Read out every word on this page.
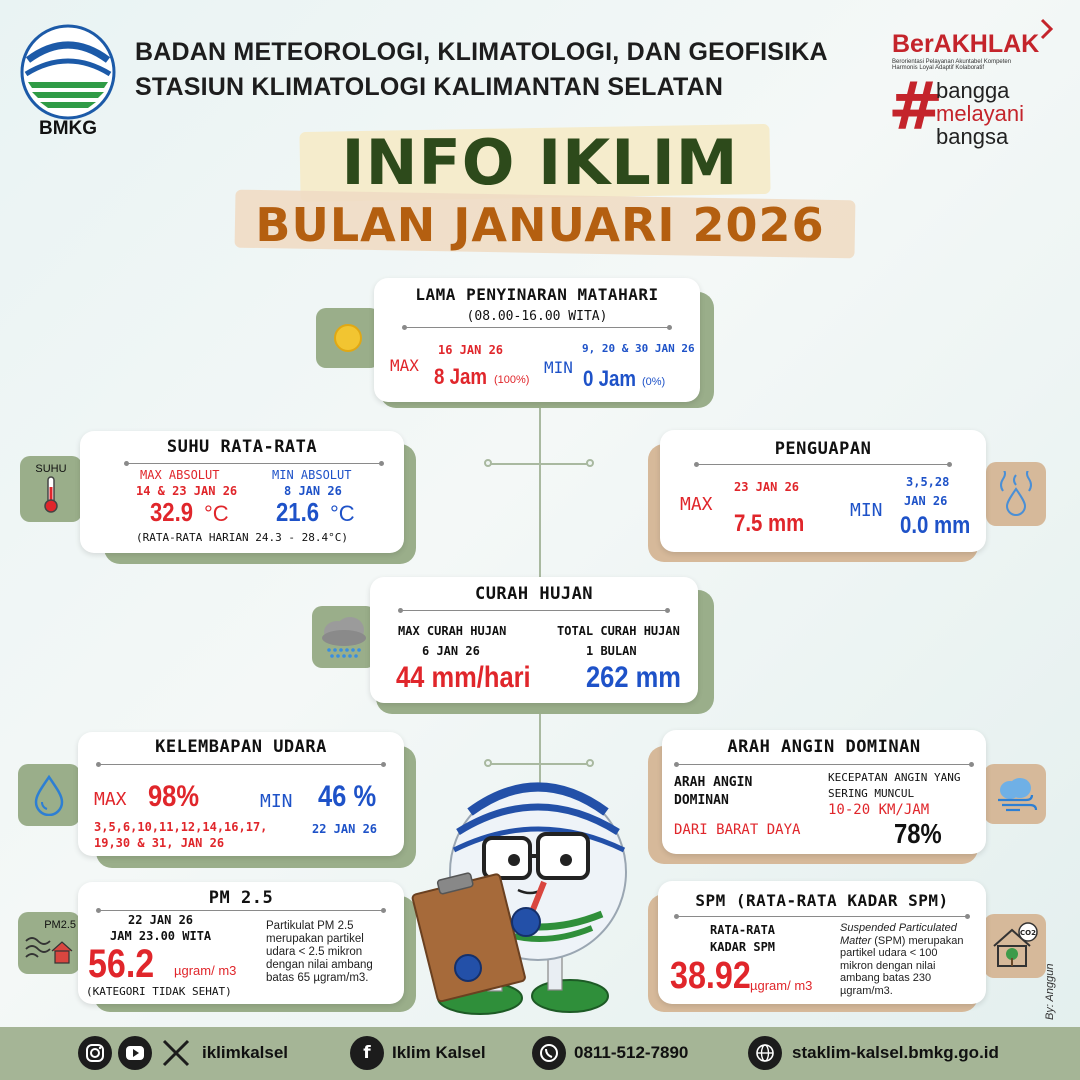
BMKG
BADAN METEOROLOGI, KLIMATOLOGI, DAN GEOFISIKA
STASIUN KLIMATOLOGI KALIMANTAN SELATAN
INFO IKLIM
BULAN JANUARI 2026
BerAKHLAK
Berorientasi Pelayanan Akuntabel Kompeten
Harmonis Loyal Adaptif Kolaboratif
#
bangga
melayani
bangsa
LAMA PENYINARAN MATAHARI
(08.00-16.00 WITA)
MAX
16 JAN 26
8 Jam (100%)
MIN
9, 20 & 30 JAN 26
0 Jam (0%)
SUHU
SUHU RATA-RATA
MAX ABSOLUT
14 & 23 JAN 26
32.9 °C
MIN ABSOLUT
8 JAN 26
21.6 °C
(RATA-RATA HARIAN 24.3 - 28.4°C)
PENGUAPAN
MAX
23 JAN 26
7.5 mm	MIN
3,5,28
JAN 26
0.0 mm
CURAH HUJAN
MAX CURAH HUJAN
6 JAN 26
44 mm/hari
TOTAL CURAH HUJAN
1 BULAN
262 mm
KELEMBAPAN UDARA
MAX 98%
3,5,6,10,11,12,14,16,17,
19,30 & 31, JAN 26
MIN 46 %
22 JAN 26
ARAH ANGIN DOMINAN
ARAH ANGIN
DOMINAN
DARI BARAT DAYA
KECEPATAN ANGIN YANG
SERING MUNCUL
10-20 KM/JAM
78%
PM2.5
PM 2.5
22 JAN 26
JAM 23.00 WITA
56.2 µgram/ m3
(KATEGORI TIDAK SEHAT)
Partikulat PM 2.5
merupakan partikel
udara < 2.5 mikron
dengan nilai ambang
batas 65 µgram/m3.
CO2
SPM (RATA-RATA KADAR SPM)
RATA-RATA
KADAR SPM
38.92 µgram/ m3
Suspended Particulated
Matter (SPM) merupakan
partikel udara < 100
mikron dengan nilai
ambang batas 230
µgram/m3.	By: Anggun
iklimkalsel	f	Iklim Kalsel	0811-512-7890	staklim-kalsel.bmkg.go.id
